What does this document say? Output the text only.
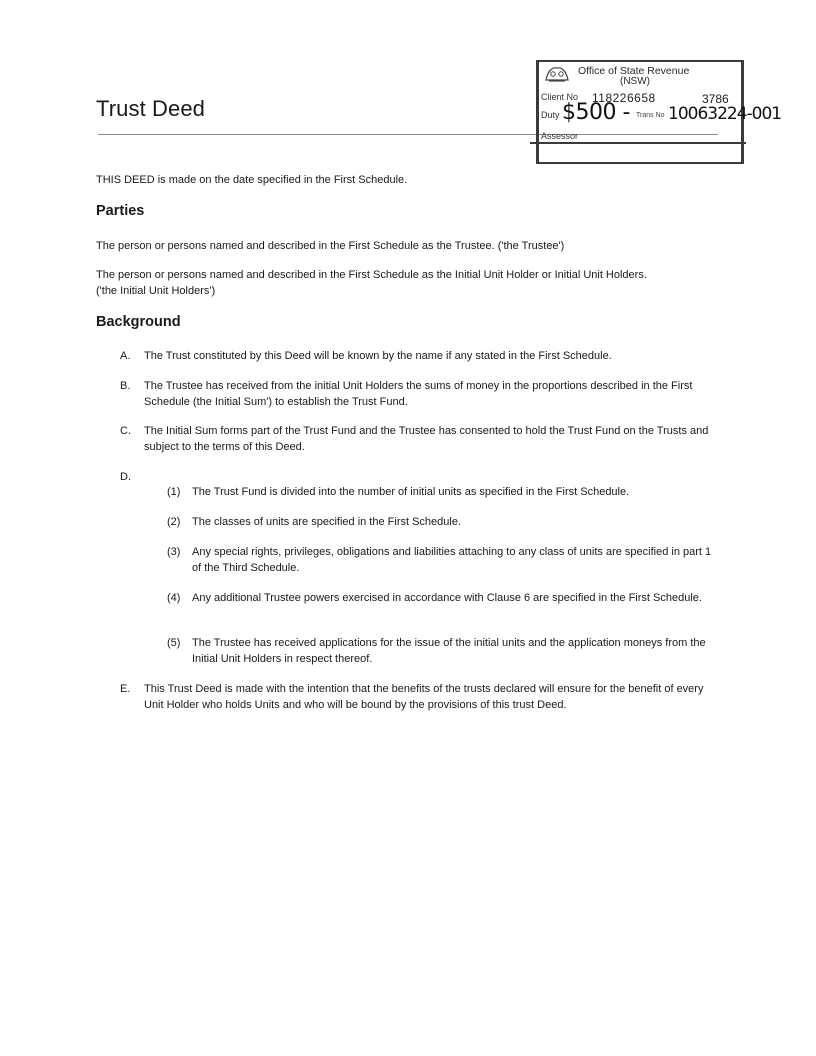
Trust Deed
Office of State Revenue
(NSW)
Client No 118226658	3786
Duty $500 - Trans No 10063224-001
Assessor

THIS DEED is made on the date specified in the First Schedule.

Parties

The person or persons named and described in the First Schedule as the Trustee. ('the Trustee')

The person or persons named and described in the First Schedule as the Initial Unit Holder or Initial Unit Holders. ('the Initial Unit Holders')

Background
A.	The Trust constituted by this Deed will be known by the name if any stated in the First Schedule.

B.	The Trustee has received from the initial Unit Holders the sums of money in the proportions described in the First Schedule (the Initial Sum') to establish the Trust Fund.

C.	The Initial Sum forms part of the Trust Fund and the Trustee has consented to hold the Trust Fund on the Trusts and subject to the terms of this Deed.

D.
(1)	The Trust Fund is divided into the number of initial units as specified in the First Schedule.

(2)	The classes of units are specified in the First Schedule.

(3)	Any special rights, privileges, obligations and liabilities attaching to any class of units are specified in part 1 of the Third Schedule.

(4)	Any additional Trustee powers exercised in accordance with Clause 6 are specified in the First Schedule.

(5)	The Trustee has received applications for the issue of the initial units and the application moneys from the Initial Unit Holders in respect thereof.

E.	This Trust Deed is made with the intention that the benefits of the trusts declared will ensure for the benefit of every Unit Holder who holds Units and who will be bound by the provisions of this trust Deed.
